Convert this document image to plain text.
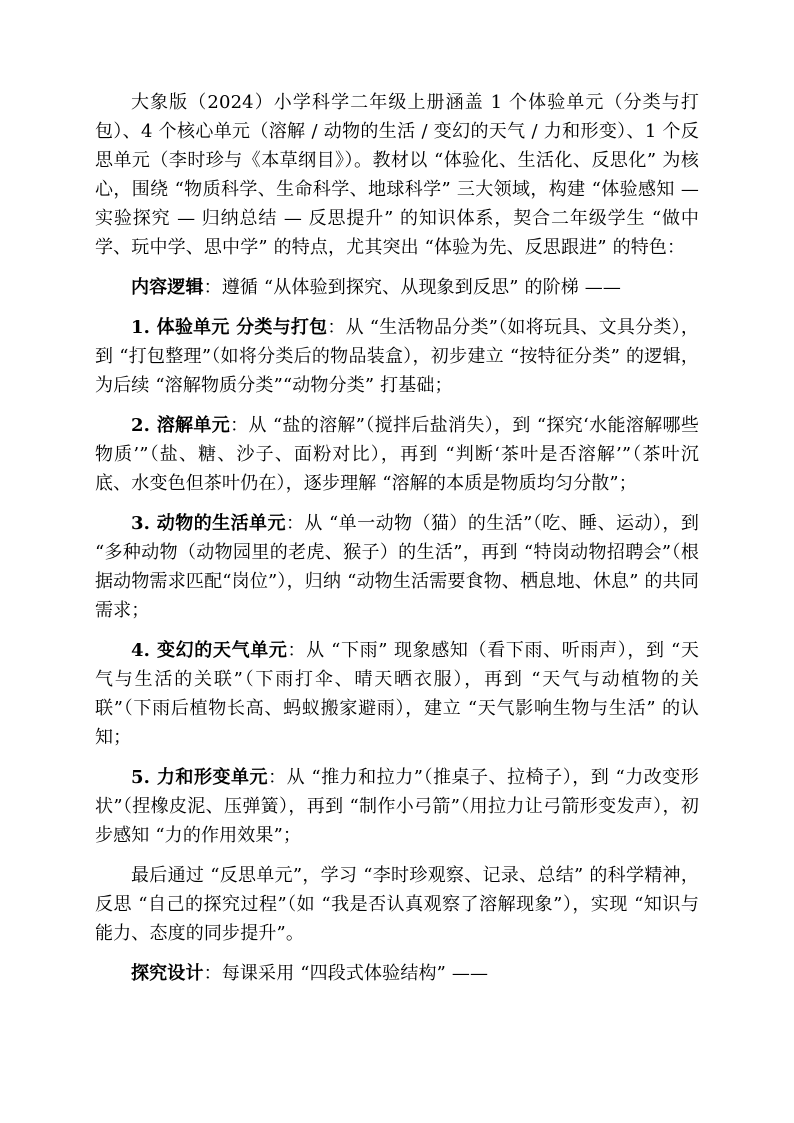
大象版（2024）小学科学二年级上册涵盖 1 个体验单元（分类与打包）、4 个核心单元（溶解 / 动物的生活 / 变幻的天气 / 力和形变）、1 个反思单元（李时珍与《本草纲目》）。教材以 “体验化、生活化、反思化” 为核心，围绕 “物质科学、生命科学、地球科学” 三大领域，构建 “体验感知 — 实验探究 — 归纳总结 — 反思提升” 的知识体系，契合二年级学生 “做中学、玩中学、思中学” 的特点，尤其突出 “体验为先、反思跟进” 的特色：

内容逻辑：遵循 “从体验到探究、从现象到反思” 的阶梯 ——

1. 体验单元 分类与打包：从 “生活物品分类”（如将玩具、文具分类），到 “打包整理”（如将分类后的物品装盒），初步建立 “按特征分类” 的逻辑，为后续 “溶解物质分类”“动物分类” 打基础；

2. 溶解单元：从 “盐的溶解”（搅拌后盐消失），到 “探究‘水能溶解哪些物质’”（盐、糖、沙子、面粉对比），再到 “判断‘茶叶是否溶解’”（茶叶沉底、水变色但茶叶仍在），逐步理解 “溶解的本质是物质均匀分散”；

3. 动物的生活单元：从 “单一动物（猫）的生活”（吃、睡、运动），到 “多种动物（动物园里的老虎、猴子）的生活”，再到 “特岗动物招聘会”（根据动物需求匹配“岗位”），归纳 “动物生活需要食物、栖息地、休息” 的共同需求；

4. 变幻的天气单元：从 “下雨” 现象感知（看下雨、听雨声），到 “天气与生活的关联”（下雨打伞、晴天晒衣服），再到 “天气与动植物的关联”（下雨后植物长高、蚂蚁搬家避雨），建立 “天气影响生物与生活” 的认知；

5. 力和形变单元：从 “推力和拉力”（推桌子、拉椅子），到 “力改变形状”（捏橡皮泥、压弹簧），再到 “制作小弓箭”（用拉力让弓箭形变发声），初步感知 “力的作用效果”；

最后通过 “反思单元”，学习 “李时珍观察、记录、总结” 的科学精神，反思 “自己的探究过程”（如 “我是否认真观察了溶解现象”），实现 “知识与能力、态度的同步提升”。

探究设计：每课采用 “四段式体验结构” ——
